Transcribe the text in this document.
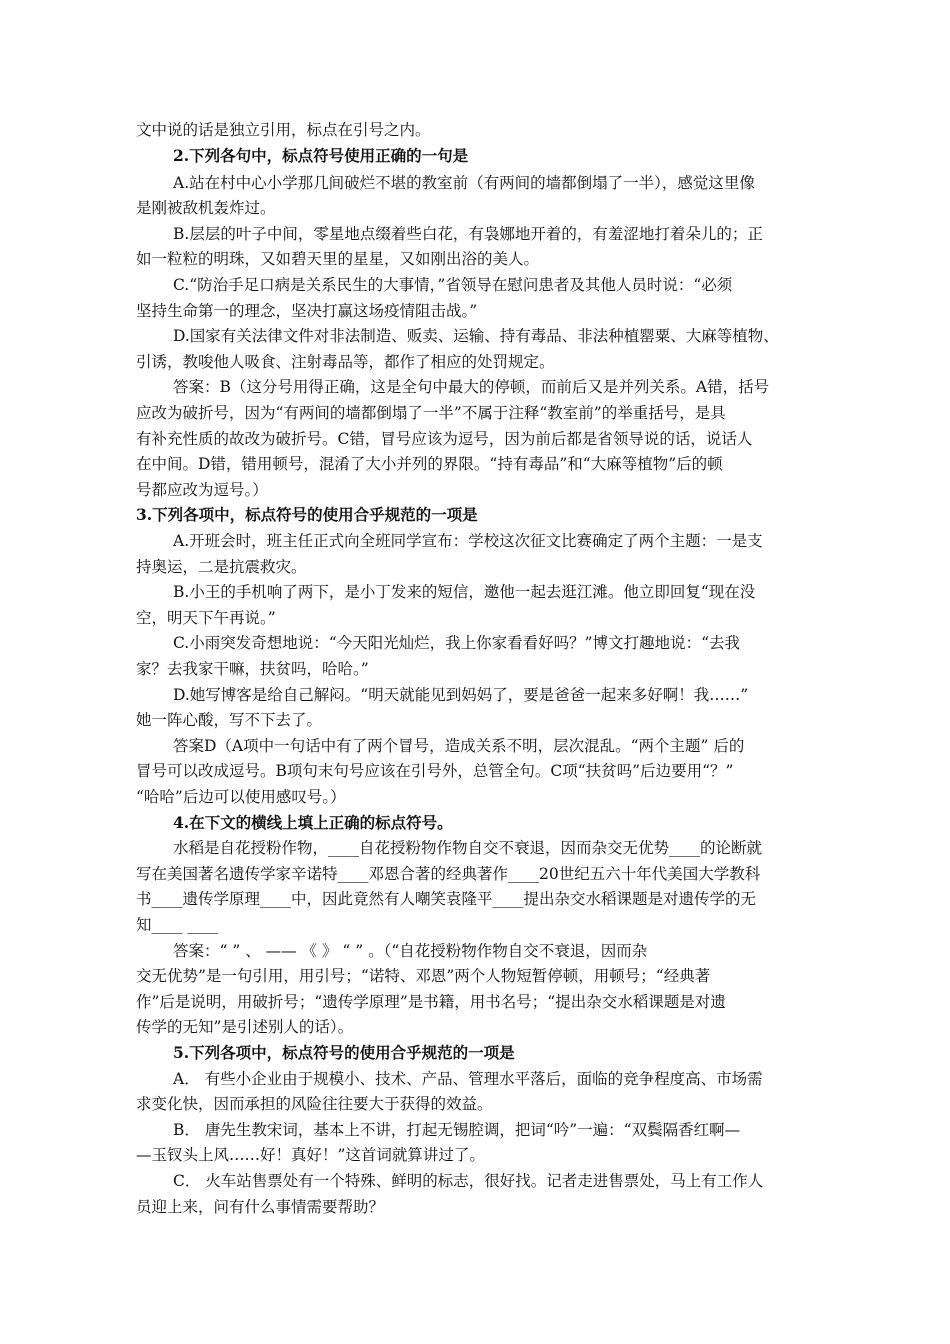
文中说的话是独立引用，标点在引号之内。
2.下列各句中，标点符号使用正确的一句是
A.站在村中心小学那几间破烂不堪的教室前（有两间的墙都倒塌了一半），感觉这里像
是刚被敌机轰炸过。
B.层层的叶子中间，零星地点缀着些白花，有袅娜地开着的，有羞涩地打着朵儿的；正
如一粒粒的明珠，又如碧天里的星星，又如刚出浴的美人。
C.“防治手足口病是关系民生的大事情，”省领导在慰问患者及其他人员时说：“必须
坚持生命第一的理念，坚决打赢这场疫情阻击战。”
D.国家有关法律文件对非法制造、贩卖、运输、持有毒品、非法种植罂粟、大麻等植物、
引诱，教唆他人吸食、注射毒品等，都作了相应的处罚规定。
答案：B（这分号用得正确，这是全句中最大的停顿，而前后又是并列关系。A错，括号
应改为破折号，因为“有两间的墙都倒塌了一半”不属于注释“教室前”的举重括号，是具
有补充性质的故改为破折号。C错，冒号应该为逗号，因为前后都是省领导说的话，说话人
在中间。D错，错用顿号，混淆了大小并列的界限。“持有毒品”和“大麻等植物”后的顿
号都应改为逗号。）
3.下列各项中，标点符号的使用合乎规范的一项是
A.开班会时，班主任正式向全班同学宣布：学校这次征文比赛确定了两个主题：一是支
持奥运，二是抗震救灾。
B.小王的手机响了两下，是小丁发来的短信，邀他一起去逛江滩。他立即回复“现在没
空，明天下午再说。”
C.小雨突发奇想地说：“今天阳光灿烂，我上你家看看好吗？”博文打趣地说：“去我
家？去我家干嘛，扶贫吗，哈哈。”
D.她写博客是给自己解闷。“明天就能见到妈妈了，要是爸爸一起来多好啊！我……”
她一阵心酸，写不下去了。
答案D（A项中一句话中有了两个冒号，造成关系不明，层次混乱。“两个主题” 后的
冒号可以改成逗号。B项句末句号应该在引号外，总管全句。C项“扶贫吗”后边要用“？”
“哈哈”后边可以使用感叹号。）
4.在下文的横线上填上正确的标点符号。
水稻是自花授粉作物，____自花授粉物作物自交不衰退，因而杂交无优势____的论断就
写在美国著名遗传学家辛诺特____邓恩合著的经典著作____20世纪五六十年代美国大学教科
书____遗传学原理____中，因此竟然有人嘲笑袁隆平____提出杂交水稻课题是对遗传学的无
知____ ____
答案：“ ” 、 —— 《 》 “ ” 。（“自花授粉物作物自交不衰退，因而杂
交无优势”是一句引用，用引号；“诺特、邓恩”两个人物短暂停顿，用顿号；“经典著
作”后是说明，用破折号；“遗传学原理”是书籍，用书名号；“提出杂交水稻课题是对遗
传学的无知”是引述别人的话）。
5.下列各项中，标点符号的使用合乎规范的一项是
A． 有些小企业由于规模小、技术、产品、管理水平落后，面临的竞争程度高、市场需
求变化快，因而承担的风险往往要大于获得的效益。
B． 唐先生教宋词，基本上不讲，打起无锡腔调，把词“吟”一遍：“双鬓隔香红啊—
—玉钗头上风……好！真好！”这首词就算讲过了。
C． 火车站售票处有一个特殊、鲜明的标志，很好找。记者走进售票处，马上有工作人
员迎上来，问有什么事情需要帮助？
